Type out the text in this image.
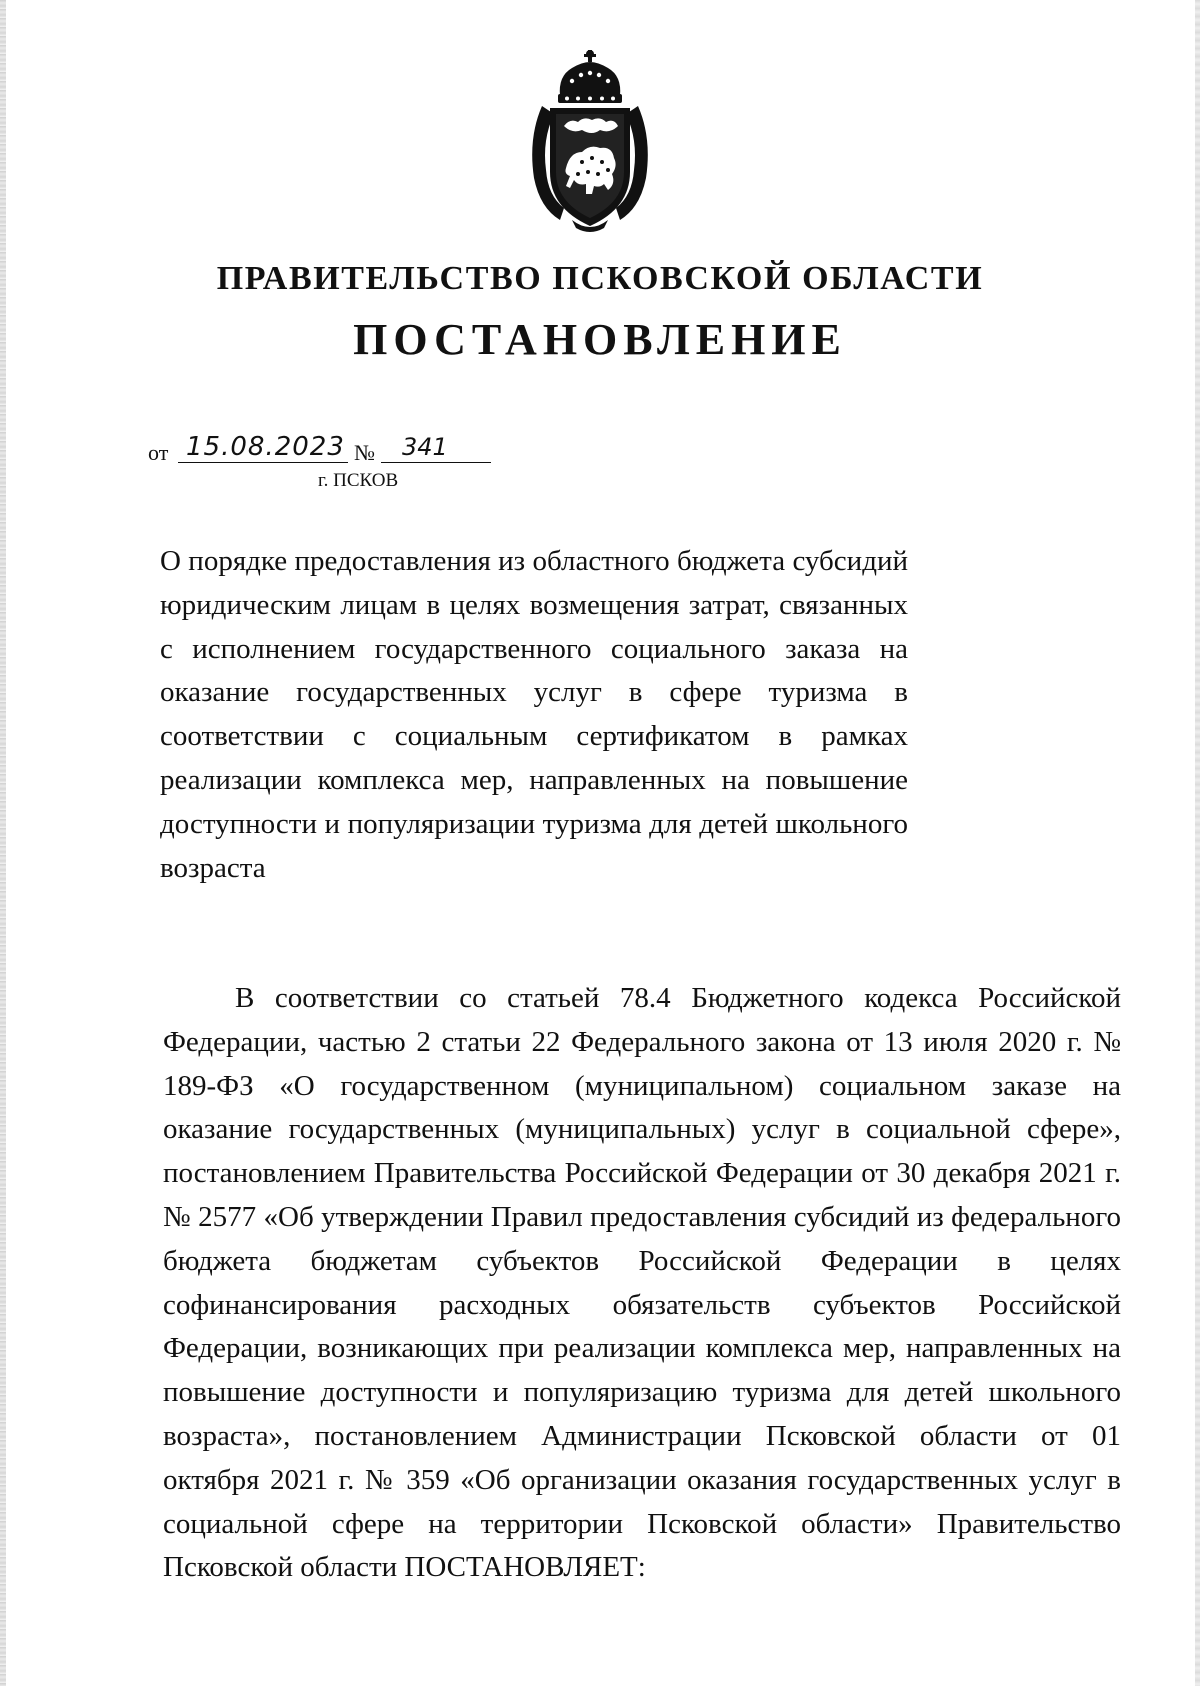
ПРАВИТЕЛЬСТВО ПСКОВСКОЙ ОБЛАСТИ
ПОСТАНОВЛЕНИЕ
от 15.08.2023 №	341
г. ПСКОВ
О порядке предоставления из областного бюджета субсидий юридическим лицам в целях возмещения затрат, связанных с исполнением государственного социального заказа на оказание государственных услуг в сфере туризма в соответствии с социальным сертификатом в рамках реализации комплекса мер, направленных на повышение доступности и популяризации туризма для детей школьного возраста
В соответствии со статьей 78.4 Бюджетного кодекса Российской Федерации, частью 2 статьи 22 Федерального закона от 13 июля 2020 г. № 189-ФЗ «О государственном (муниципальном) социальном заказе на оказание государственных (муниципальных) услуг в социальной сфере», постановлением Правительства Российской Федерации от 30 декабря 2021 г. № 2577 «Об утверждении Правил предоставления субсидий из федерального бюджета бюджетам субъектов Российской Федерации в целях софинансирования расходных обязательств субъектов Российской Федерации, возникающих при реализации комплекса мер, направленных на повышение доступности и популяризацию туризма для детей школьного возраста», постановлением Администрации Псковской области от 01 октября 2021 г. № 359 «Об организации оказания государственных услуг в социальной сфере на территории Псковской области» Правительство Псковской области ПОСТАНОВЛЯЕТ:
